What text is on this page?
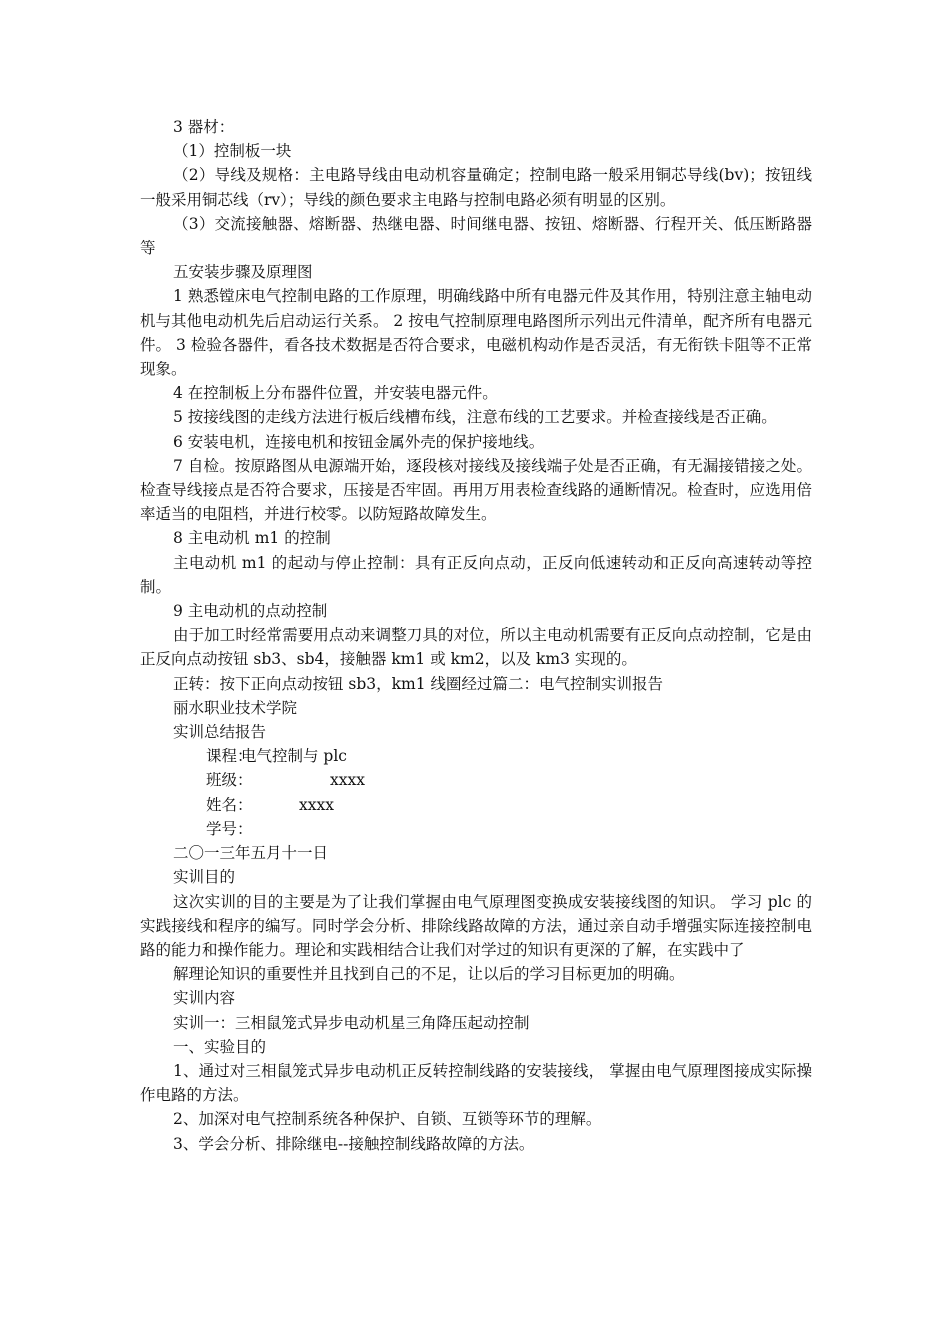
3 器材：

（1）控制板一块

（2）导线及规格：主电路导线由电动机容量确定；控制电路一般采用铜芯导线(bv)；按钮线一般采用铜芯线（rv）；导线的颜色要求主电路与控制电路必须有明显的区别。

（3）交流接触器、熔断器、热继电器、时间继电器、按钮、熔断器、行程开关、低压断路器等

五安装步骤及原理图

1 熟悉镗床电气控制电路的工作原理，明确线路中所有电器元件及其作用，特别注意主轴电动机与其他电动机先后启动运行关系。 2 按电气控制原理电路图所示列出元件清单，配齐所有电器元件。 3 检验各器件，看各技术数据是否符合要求，电磁机构动作是否灵活，有无衔铁卡阻等不正常现象。

4 在控制板上分布器件位置，并安装电器元件。

5 按接线图的走线方法进行板后线槽布线，注意布线的工艺要求。并检查接线是否正确。

6 安装电机，连接电机和按钮金属外壳的保护接地线。

7 自检。按原路图从电源端开始，逐段核对接线及接线端子处是否正确，有无漏接错接之处。检查导线接点是否符合要求，压接是否牢固。再用万用表检查线路的通断情况。检查时，应选用倍率适当的电阻档，并进行校零。以防短路故障发生。

8 主电动机 m1 的控制

主电动机 m1 的起动与停止控制：具有正反向点动，正反向低速转动和正反向高速转动等控制。

9 主电动机的点动控制

由于加工时经常需要用点动来调整刀具的对位，所以主电动机需要有正反向点动控制，它是由正反向点动按钮 sb3、sb4，接触器 km1 或 km2，以及 km3 实现的。

正转：按下正向点动按钮 sb3，km1 线圈经过篇二：电气控制实训报告

丽水职业技术学院

实训总结报告

课程：电气控制与 plc

班级：	xxxx

姓名：	xxxx

学号：

二〇一三年五月十一日

实训目的

这次实训的目的主要是为了让我们掌握由电气原理图变换成安装接线图的知识。 学习 plc 的实践接线和程序的编写。同时学会分析、排除线路故障的方法，通过亲自动手增强实际连接控制电路的能力和操作能力。理论和实践相结合让我们对学过的知识有更深的了解，在实践中了

解理论知识的重要性并且找到自己的不足，让以后的学习目标更加的明确。

实训内容

实训一：三相鼠笼式异步电动机星三角降压起动控制

一、实验目的

1、通过对三相鼠笼式异步电动机正反转控制线路的安装接线， 掌握由电气原理图接成实际操作电路的方法。

2、加深对电气控制系统各种保护、自锁、互锁等环节的理解。

3、学会分析、排除继电--接触控制线路故障的方法。
